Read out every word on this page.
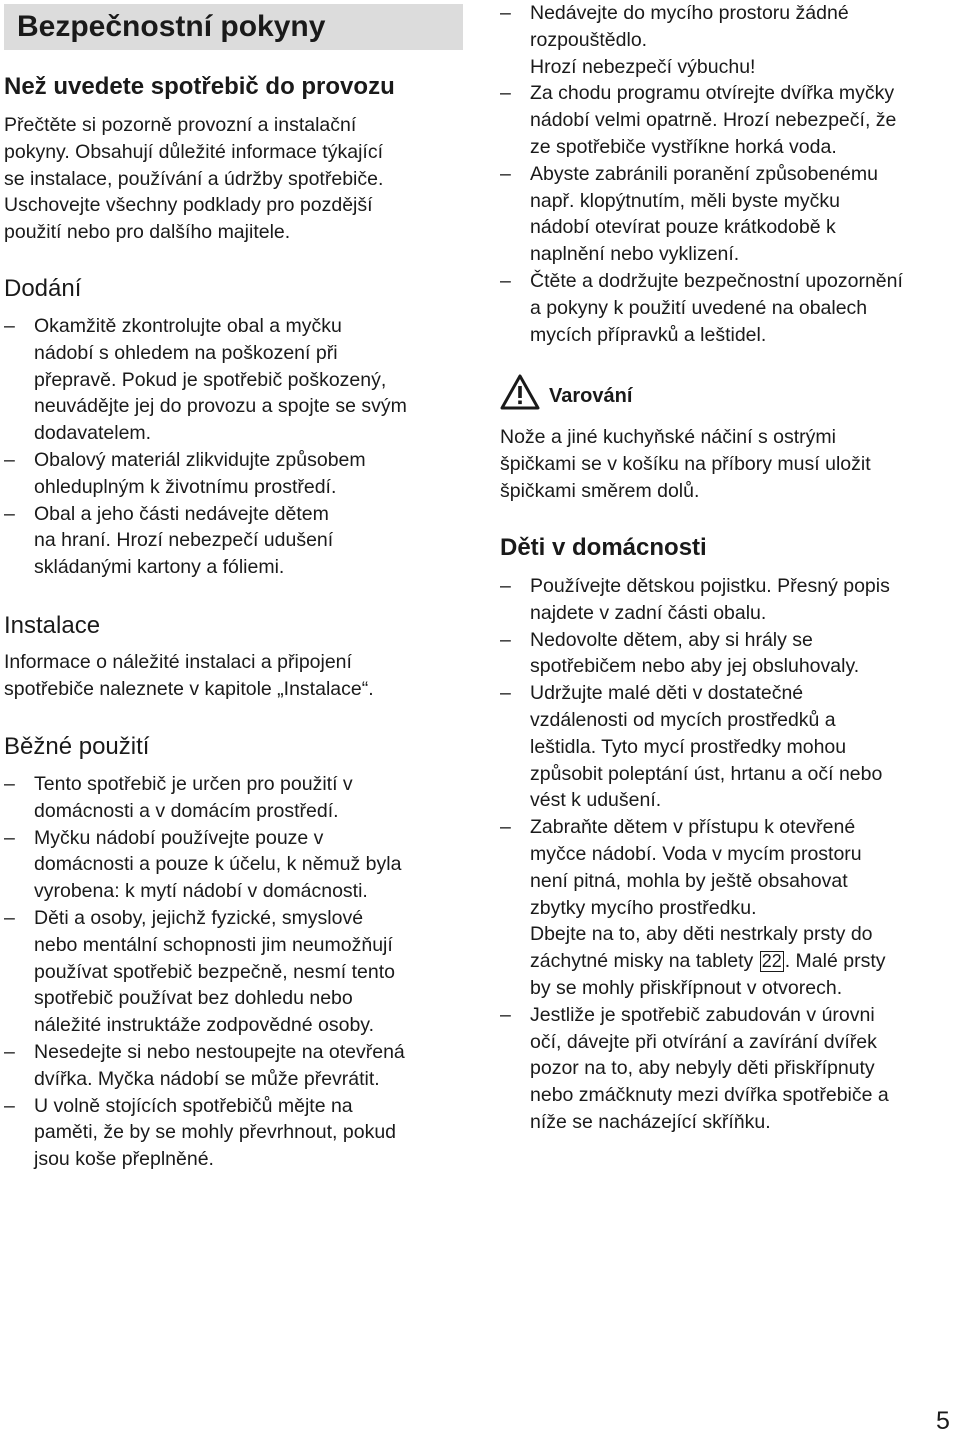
Bezpečnostní pokyny
Než uvedete spotřebič do provozu
Přečtěte si pozorně provozní a instalační
pokyny. Obsahují důležité informace týkající
se instalace, používání a údržby spotřebiče.
Uschovejte všechny podklady pro pozdější
použití nebo pro dalšího majitele.
Dodání
– Okamžitě zkontrolujte obal a myčku
nádobí s ohledem na poškození při
přepravě. Pokud je spotřebič poškozený,
neuvádějte jej do provozu a spojte se svým
dodavatelem.
– Obalový materiál zlikvidujte způsobem
ohleduplným k životnímu prostředí.
– Obal a jeho části nedávejte dětem
na hraní. Hrozí nebezpečí udušení
skládanými kartony a fóliemi.
Instalace
Informace o náležité instalaci a připojení
spotřebiče naleznete v kapitole „Instalace“.
Běžné použití
– Tento spotřebič je určen pro použití v
domácnosti a v domácím prostředí.
– Myčku nádobí používejte pouze v
domácnosti a pouze k účelu, k němuž byla
vyrobena: k mytí nádobí v domácnosti.
– Děti a osoby, jejichž fyzické, smyslové
nebo mentální schopnosti jim neumožňují
používat spotřebič bezpečně, nesmí tento
spotřebič používat bez dohledu nebo
náležité instruktáže zodpovědné osoby.
– Nesedejte si nebo nestoupejte na otevřená
dvířka. Myčka nádobí se může převrátit.
– U volně stojících spotřebičů mějte na
paměti, že by se mohly převrhnout, pokud
jsou koše přeplněné.
– Nedávejte do mycího prostoru žádné
rozpouštědlo.
Hrozí nebezpečí výbuchu!
– Za chodu programu otvírejte dvířka myčky
nádobí velmi opatrně. Hrozí nebezpečí, že
ze spotřebiče vystříkne horká voda.
– Abyste zabránili poranění způsobenému
např. klopýtnutím, měli byste myčku
nádobí otevírat pouze krátkodobě k
naplnění nebo vyklizení.
– Čtěte a dodržujte bezpečnostní upozornění
a pokyny k použití uvedené na obalech
mycích přípravků a leštidel.
Varování
Nože a jiné kuchyňské náčiní s ostrými
špičkami se v košíku na příbory musí uložit
špičkami směrem dolů.
Děti v domácnosti
– Používejte dětskou pojistku. Přesný popis
najdete v zadní části obalu.
– Nedovolte dětem, aby si hrály se
spotřebičem nebo aby jej obsluhovaly.
– Udržujte malé děti v dostatečné
vzdálenosti od mycích prostředků a
leštidla. Tyto mycí prostředky mohou
způsobit poleptání úst, hrtanu a očí nebo
vést k udušení.
– Zabraňte dětem v přístupu k otevřené
myčce nádobí. Voda v mycím prostoru
není pitná, mohla by ještě obsahovat
zbytky mycího prostředku.
Dbejte na to, aby děti nestrkaly prsty do
záchytné misky na tablety 22 . Malé prsty
by se mohly přiskřípnout v otvorech.
– Jestliže je spotřebič zabudován v úrovni
očí, dávejte při otvírání a zavírání dvířek
pozor na to, aby nebyly děti přiskřípnuty
nebo zmáčknuty mezi dvířka spotřebiče a
níže se nacházející skříňku.
5
